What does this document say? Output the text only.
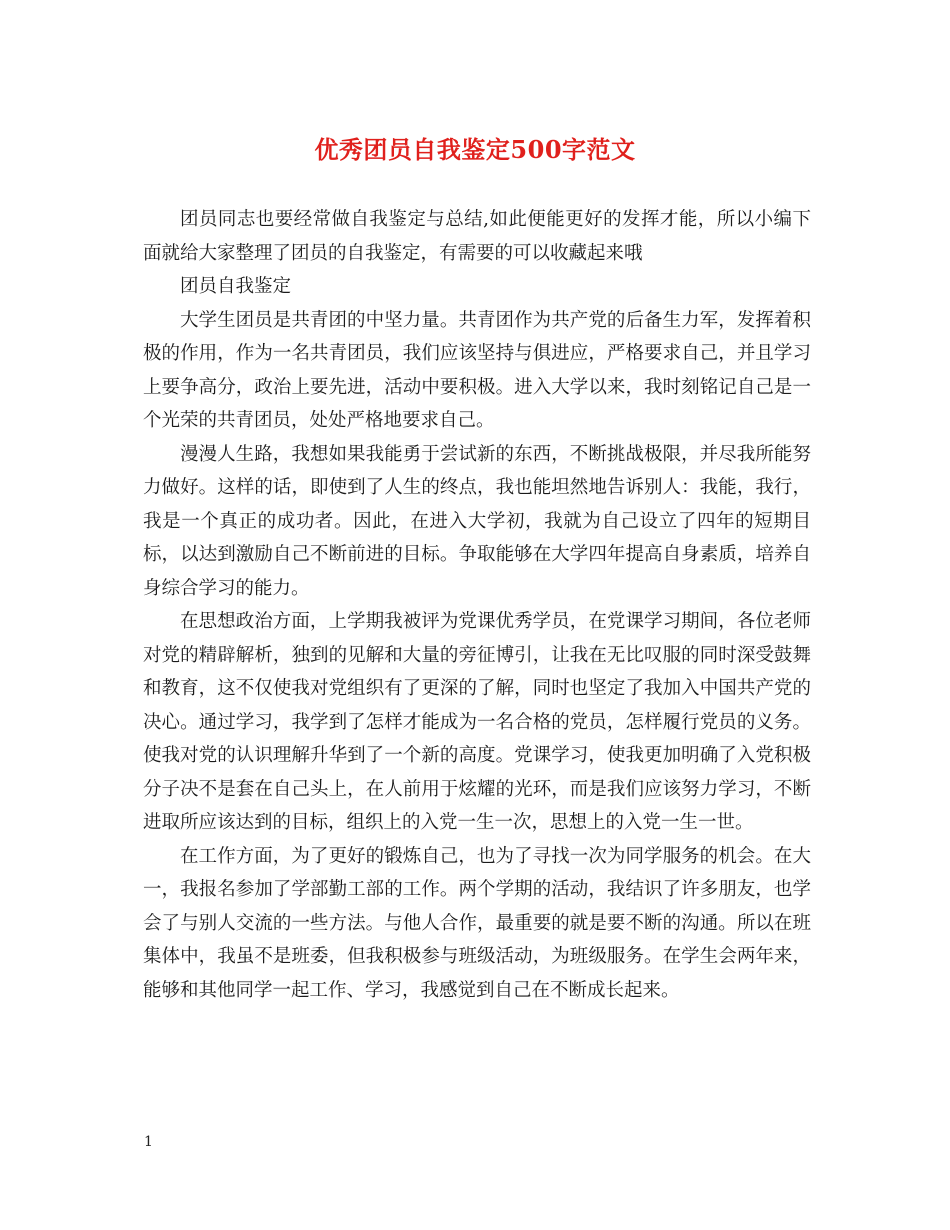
优秀团员自我鉴定500字范文

团员同志也要经常做自我鉴定与总结,如此便能更好的发挥才能，所以小编下面就给大家整理了团员的自我鉴定，有需要的可以收藏起来哦

团员自我鉴定

大学生团员是共青团的中坚力量。共青团作为共产党的后备生力军，发挥着积极的作用，作为一名共青团员，我们应该坚持与俱进应，严格要求自己，并且学习上要争高分，政治上要先进，活动中要积极。进入大学以来，我时刻铭记自己是一个光荣的共青团员，处处严格地要求自己。

漫漫人生路，我想如果我能勇于尝试新的东西，不断挑战极限，并尽我所能努力做好。这样的话，即使到了人生的终点，我也能坦然地告诉别人：我能，我行，我是一个真正的成功者。因此，在进入大学初，我就为自己设立了四年的短期目标，以达到激励自己不断前进的目标。争取能够在大学四年提高自身素质，培养自身综合学习的能力。

在思想政治方面，上学期我被评为党课优秀学员，在党课学习期间，各位老师对党的精辟解析，独到的见解和大量的旁征博引，让我在无比叹服的同时深受鼓舞和教育，这不仅使我对党组织有了更深的了解，同时也坚定了我加入中国共产党的决心。通过学习，我学到了怎样才能成为一名合格的党员，怎样履行党员的义务。使我对党的认识理解升华到了一个新的高度。党课学习，使我更加明确了入党积极分子决不是套在自己头上，在人前用于炫耀的光环，而是我们应该努力学习，不断进取所应该达到的目标，组织上的入党一生一次，思想上的入党一生一世。

在工作方面，为了更好的锻炼自己，也为了寻找一次为同学服务的机会。在大一，我报名参加了学部勤工部的工作。两个学期的活动，我结识了许多朋友，也学会了与别人交流的一些方法。与他人合作，最重要的就是要不断的沟通。所以在班集体中，我虽不是班委，但我积极参与班级活动，为班级服务。在学生会两年来，能够和其他同学一起工作、学习，我感觉到自己在不断成长起来。

1
